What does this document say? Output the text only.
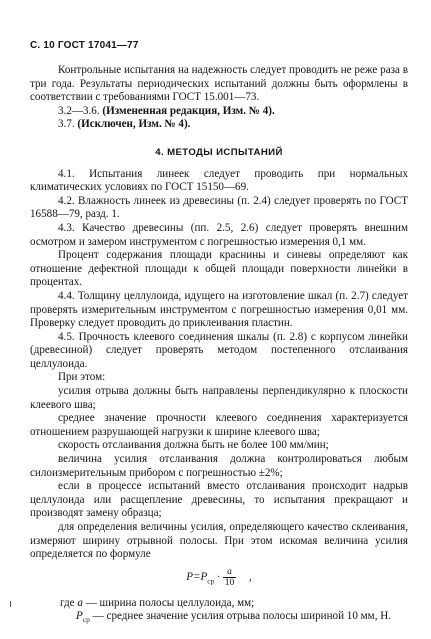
С. 10 ГОСТ 17041—77

Контрольные испытания на надежность следует проводить не реже раза в три года. Результаты периодических испытаний должны быть оформлены в соответствии с требованиями ГОСТ 15.001—73.

3.2—3.6. (Измененная редакция, Изм. № 4).

3.7. (Исключен, Изм. № 4).

4. МЕТОДЫ ИСПЫТАНИЙ

4.1. Испытания линеек следует проводить при нормальных климатических условиях по ГОСТ 15150—69.

4.2. Влажность линеек из древесины (п. 2.4) следует проверять по ГОСТ 16588—79, разд. 1.

4.3. Качество древесины (пп. 2.5, 2.6) следует проверять внешним осмотром и замером инструментом с погрешностью измерения 0,1 мм.

Процент содержания площади краснины и синевы определяют как отношение дефектной площади к общей площади поверхности линейки в процентах.

4.4. Толщину целлулоида, идущего на изготовление шкал (п. 2.7) следует проверять измерительным инструментом с погрешностью измерения 0,01 мм. Проверку следует проводить до приклеивания пластин.

4.5. Прочность клеевого соединения шкалы (п. 2.8) с корпусом линейки (древесиной) следует проверять методом постепенного отслаивания целлулоида.

При этом:

усилия отрыва должны быть направлены перпендикулярно к плоскости клеевого шва;

среднее значение прочности клеевого соединения характеризуется отношением разрушающей нагрузки к ширине клеевого шва;

скорость отслаивания должна быть не более 100 мм/мин;

величина усилия отслаивания должна контролироваться любым силоизмерительным прибором с погрешностью ±2%;

если в процессе испытаний вместо отслаивания происходит надрыв целлулоида или расщепление древесины, то испытания прекращают и производят замену образца;

для определения величины усилия, определяющего качество склеивания, измеряют ширину отрывной полосы. При этом искомая величина усилия определяется по формуле

$P=P_{ср} \cdot \frac{a}{10}$ ,

где a — ширина полосы целлулоида, мм;
$P_{ср}$ — среднее значение усилия отрыва полосы шириной 10 мм, Н.
